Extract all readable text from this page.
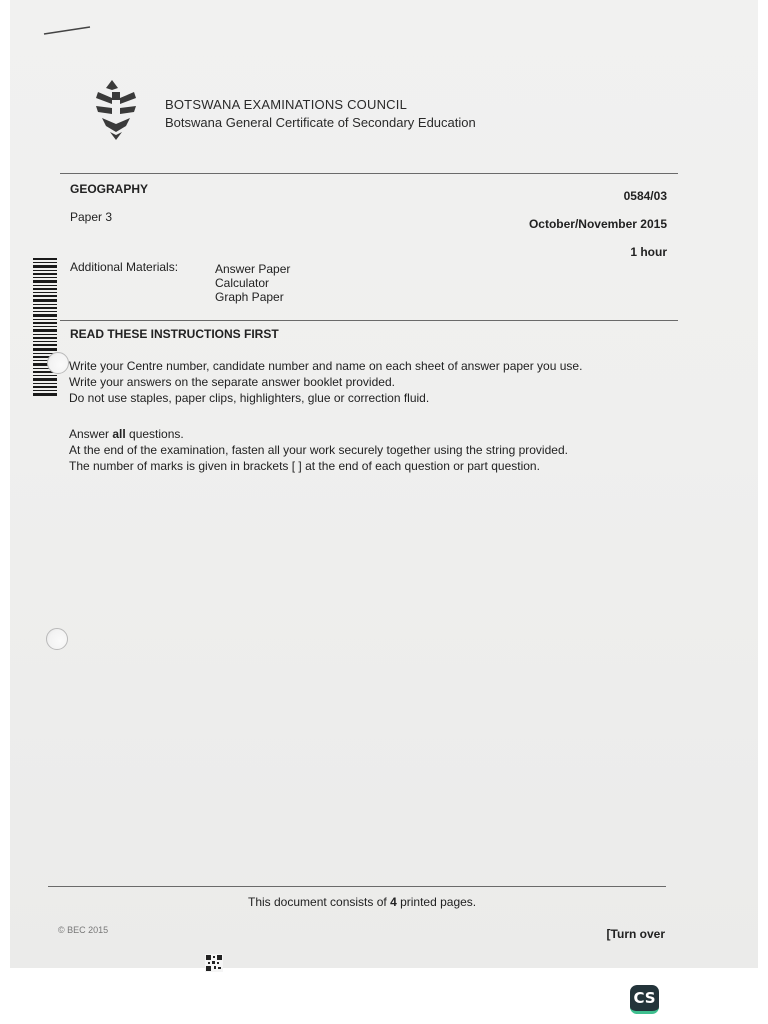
BOTSWANA EXAMINATIONS COUNCIL
Botswana General Certificate of Secondary Education
GEOGRAPHY	0584/03
Paper 3	October/November 2015
1 hour
Additional Materials:	Answer Paper
Calculator
Graph Paper
READ THESE INSTRUCTIONS FIRST
Write your Centre number, candidate number and name on each sheet of answer paper you use.
Write your answers on the separate answer booklet provided.
Do not use staples, paper clips, highlighters, glue or correction fluid.
Answer all questions.
At the end of the examination, fasten all your work securely together using the string provided.
The number of marks is given in brackets [ ] at the end of each question or part question.
This document consists of 4 printed pages.
© BEC 2015	[Turn over
CS
